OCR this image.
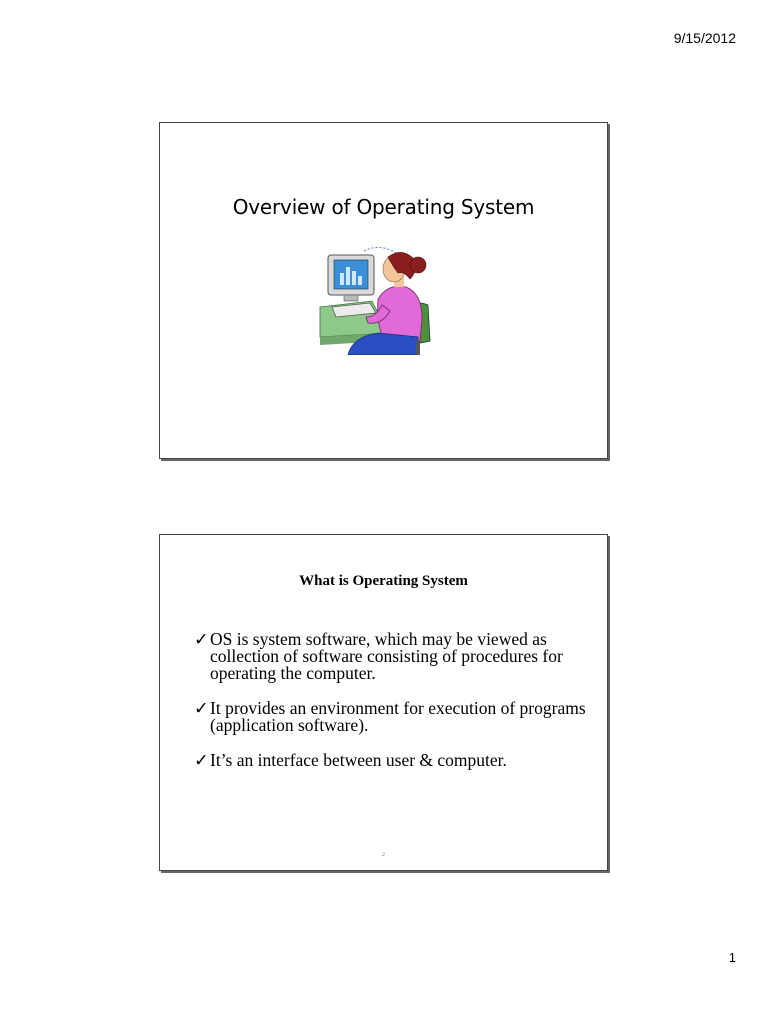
9/15/2012
Overview of Operating System
What is Operating System
✓ OS is system software, which may be viewed as collection of software consisting of procedures for operating the computer.
✓ It provides an environment for execution of programs (application software).
✓ It’s an interface between user & computer.
2
1
